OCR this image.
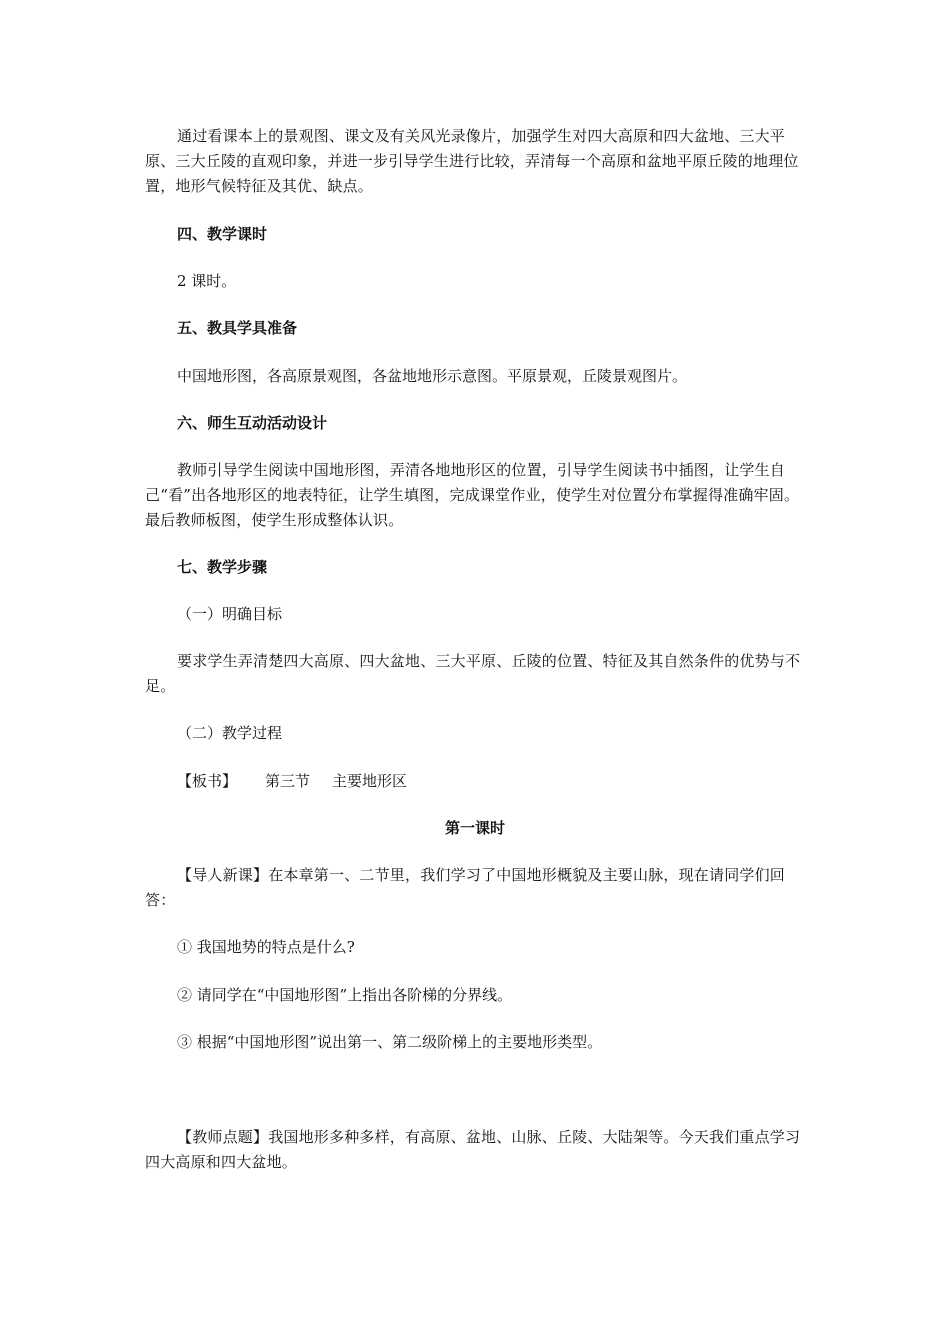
通过看课本上的景观图、课文及有关风光录像片，加强学生对四大高原和四大盆地、三大平原、三大丘陵的直观印象，并进一步引导学生进行比较，弄清每一个高原和盆地平原丘陵的地理位置，地形气候特征及其优、缺点。

四、教学课时

2 课时。

五、教具学具准备

中国地形图，各高原景观图，各盆地地形示意图。平原景观，丘陵景观图片。

六、师生互动活动设计

教师引导学生阅读中国地形图，弄清各地地形区的位置，引导学生阅读书中插图，让学生自己“看”出各地形区的地表特征，让学生填图，完成课堂作业，使学生对位置分布掌握得准确牢固。最后教师板图，使学生形成整体认识。

七、教学步骤

（一）明确目标

要求学生弄清楚四大高原、四大盆地、三大平原、丘陵的位置、特征及其自然条件的优势与不足。

（二）教学过程

【板书】 第三节 主要地形区

第一课时

【导人新课】在本章第一、二节里，我们学习了中国地形概貌及主要山脉，现在请同学们回答：

① 我国地势的特点是什么?

② 请同学在“中国地形图”上指出各阶梯的分界线。

③ 根据“中国地形图”说出第一、第二级阶梯上的主要地形类型。

【教师点题】我国地形多种多样，有高原、盆地、山脉、丘陵、大陆架等。今天我们重点学习四大高原和四大盆地。
